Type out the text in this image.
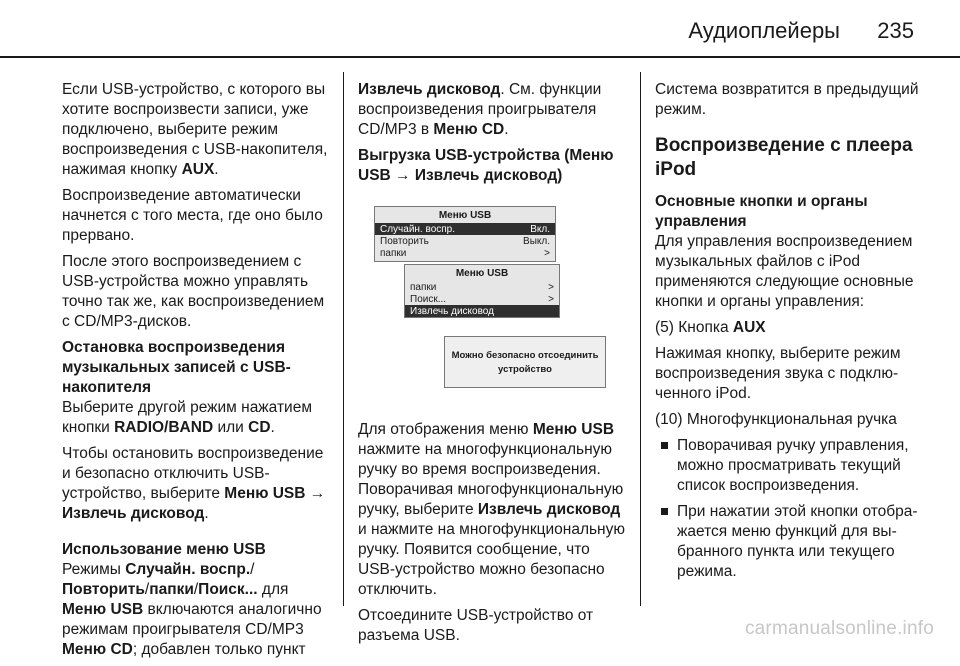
Аудиоплейеры 235

Если USB-устройство, с которого вы хотите воспроизвести записи, уже подключено, выберите режим воспроизведения с USB-накопителя, нажимая кнопку AUX.

Воспроизведение автоматически начнется с того места, где оно было прервано.

После этого воспроизведением с USB-устройства можно управлять точно так же, как воспроизведением с CD/MP3-дисков.

Остановка воспроизведения музыкальных записей с USB-накопителя

Выберите другой режим нажатием кнопки RADIO/BAND или CD.

Чтобы остановить воспроизведение и безопасно отключить USB-устройство, выберите Меню USB → Извлечь дисковод.

Использование меню USB

Режимы Случайн. воспр./Повторить/папки/Поиск... для Меню USB включаются аналогично режимам проигрывателя CD/MP3 Меню CD; добавлен только пункт

Извлечь дисковод. См. функции воспроизведения проигрывателя CD/MP3 в Меню CD.

Выгрузка USB-устройства (Меню USB → Извлечь дисковод)
Меню USB
Случайн. воспр.	Вкл.
Повторить	Выкл.
папки	>
Меню USB
папки	>
Поиск...	>
Извлечь дисковод
Можно безопасно отсоединить устройство

Для отображения меню Меню USB нажмите на многофункциональную ручку во время воспроизведения. Поворачивая многофункциональную ручку, выберите Извлечь дисковод и нажмите на многофункциональную ручку. Появится сообщение, что USB-устройство можно безопасно отключить.

Отсоедините USB-устройство от разъема USB.

Система возвратится в предыдущий режим.

Воспроизведение с плеера iPod
Основные кнопки и органы управления

Для управления воспроизведением музыкальных файлов с iPod применяются следующие основные кнопки и органы управления:

(5) Кнопка AUX

Нажимая кнопку, выберите режим воспроизведения звука с подключенного iPod.

(10) Многофункциональная ручка

Поворачивая ручку управления, можно просматривать текущий список воспроизведения.
При нажатии этой кнопки отображается меню функций для выбранного пункта или текущего режима.
carmanualsonline.info
